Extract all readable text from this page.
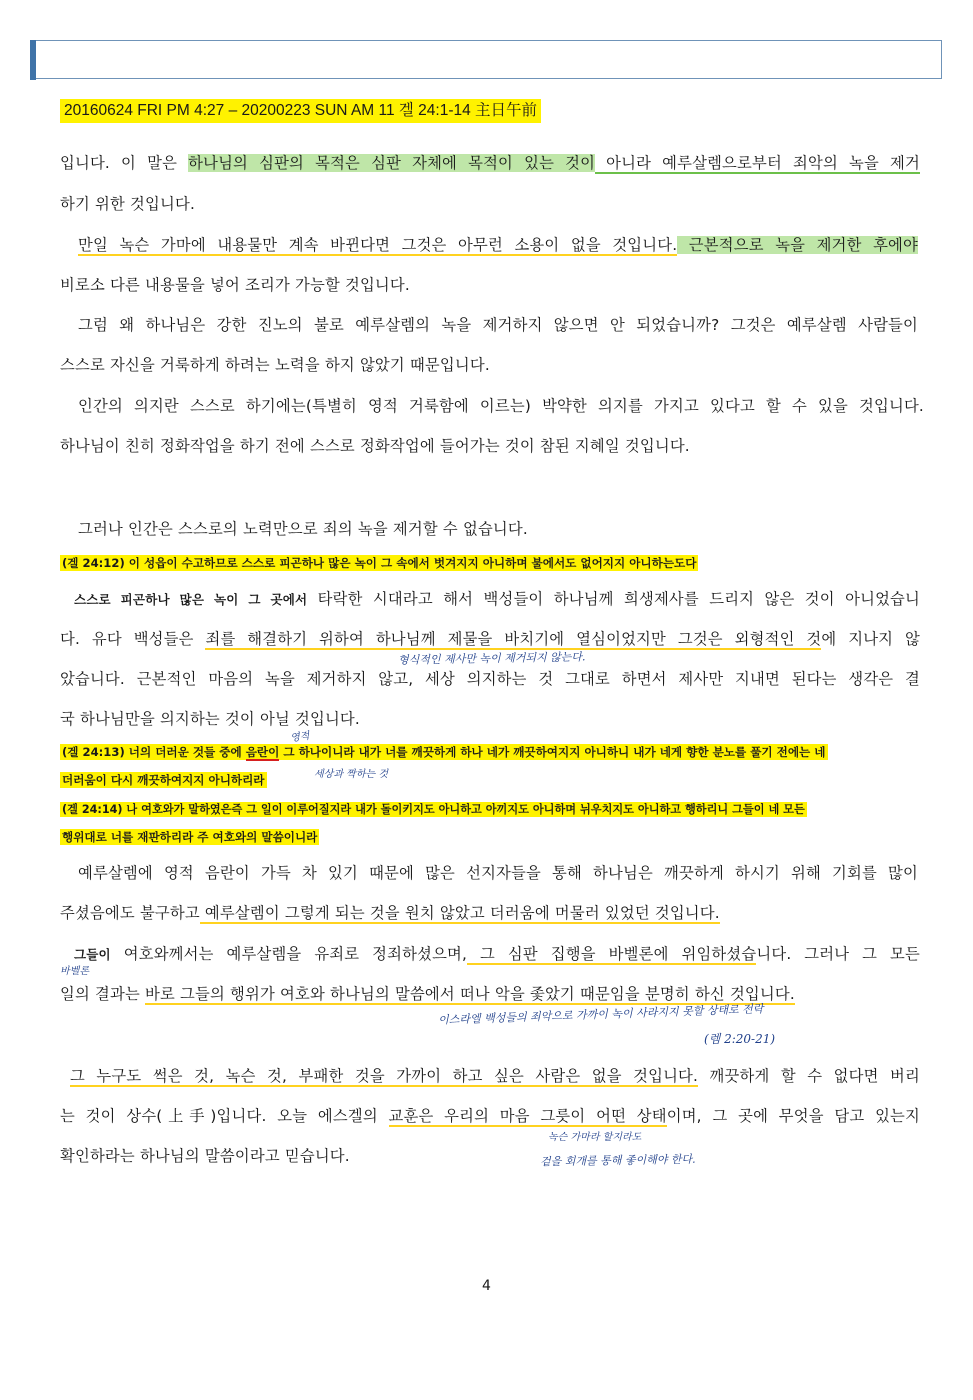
20160624 FRI PM 4:27 – 20200223 SUN AM 11 겔 24:1-14 主日午前
입니다. 이 말은 하나님의 심판의 목적은 심판 자체에 목적이 있는 것이 아니라 예루살렘으로부터 죄악의 녹을 제거
하기 위한 것입니다.
만일 녹슨 가마에 내용물만 계속 바뀐다면 그것은 아무런 소용이 없을 것입니다. 근본적으로 녹을 제거한 후에야
비로소 다른 내용물을 넣어 조리가 가능할 것입니다.
그럼 왜 하나님은 강한 진노의 불로 예루살렘의 녹을 제거하지 않으면 안 되었습니까? 그것은 예루살렘 사람들이
스스로 자신을 거룩하게 하려는 노력을 하지 않았기 때문입니다.
인간의 의지란 스스로 하기에는(특별히 영적 거룩함에 이르는) 박약한 의지를 가지고 있다고 할 수 있을 것입니다.
하나님이 친히 정화작업을 하기 전에 스스로 정화작업에 들어가는 것이 참된 지혜일 것입니다.
그러나 인간은 스스로의 노력만으로 죄의 녹을 제거할 수 없습니다.
(겔 24:12) 이 성읍이 수고하므로 스스로 피곤하나 많은 녹이 그 속에서 벗겨지지 아니하며 불에서도 없어지지 아니하는도다
스스로 피곤하나 많은 녹이 그 곳에서 타락한 시대라고 해서 백성들이 하나님께 희생제사를 드리지 않은 것이 아니었습니
다. 유다 백성들은 죄를 해결하기 위하여 하나님께 제물을 바치기에 열심이었지만 그것은 외형적인 것에 지나지 않
았습니다. 근본적인 마음의 녹을 제거하지 않고, 세상 의지하는 것 그대로 하면서 제사만 지내면 된다는 생각은 결
국 하나님만을 의지하는 것이 아닐 것입니다.
(겔 24:13) 너의 더러운 것들 중에 음란이 그 하나이니라 내가 너를 깨끗하게 하나 네가 깨끗하여지지 아니하니 내가 네게 향한 분노를 풀기 전에는 네
더러움이 다시 깨끗하여지지 아니하리라
(겔 24:14) 나 여호와가 말하였은즉 그 일이 이루어질지라 내가 돌이키지도 아니하고 아끼지도 아니하며 뉘우치지도 아니하고 행하리니 그들이 네 모든
행위대로 너를 재판하리라 주 여호와의 말씀이니라
예루살렘에 영적 음란이 가득 차 있기 때문에 많은 선지자들을 통해 하나님은 깨끗하게 하시기 위해 기회를 많이
주셨음에도 불구하고 예루살렘이 그렇게 되는 것을 원치 않았고 더러움에 머물러 있었던 것입니다.
그들이 여호와께서는 예루살렘을 유죄로 정죄하셨으며, 그 심판 집행을 바벨론에 위임하셨습니다. 그러나 그 모든
일의 결과는 바로 그들의 행위가 여호와 하나님의 말씀에서 떠나 악을 좇았기 때문임을 분명히 하신 것입니다.
그 누구도 썩은 것, 녹슨 것, 부패한 것을 가까이 하고 싶은 사람은 없을 것입니다. 깨끗하게 할 수 없다면 버리
는 것이 상수(上手)입니다. 오늘 에스겔의 교훈은 우리의 마음 그릇이 어떤 상태이며, 그 곳에 무엇을 담고 있는지
확인하라는 하나님의 말씀이라고 믿습니다.
형식적인 제사만 녹이 제거되지 않는다.
영적
세상과 짝하는 것
바벨론
이스라엘 백성들의 죄악으로 가까이 녹이 사라지지 못할 상태로 전락
(렘 2:20-21)
녹슨 가마라 할지라도
겉을 회개를 통해 좋이해야 한다.
4
